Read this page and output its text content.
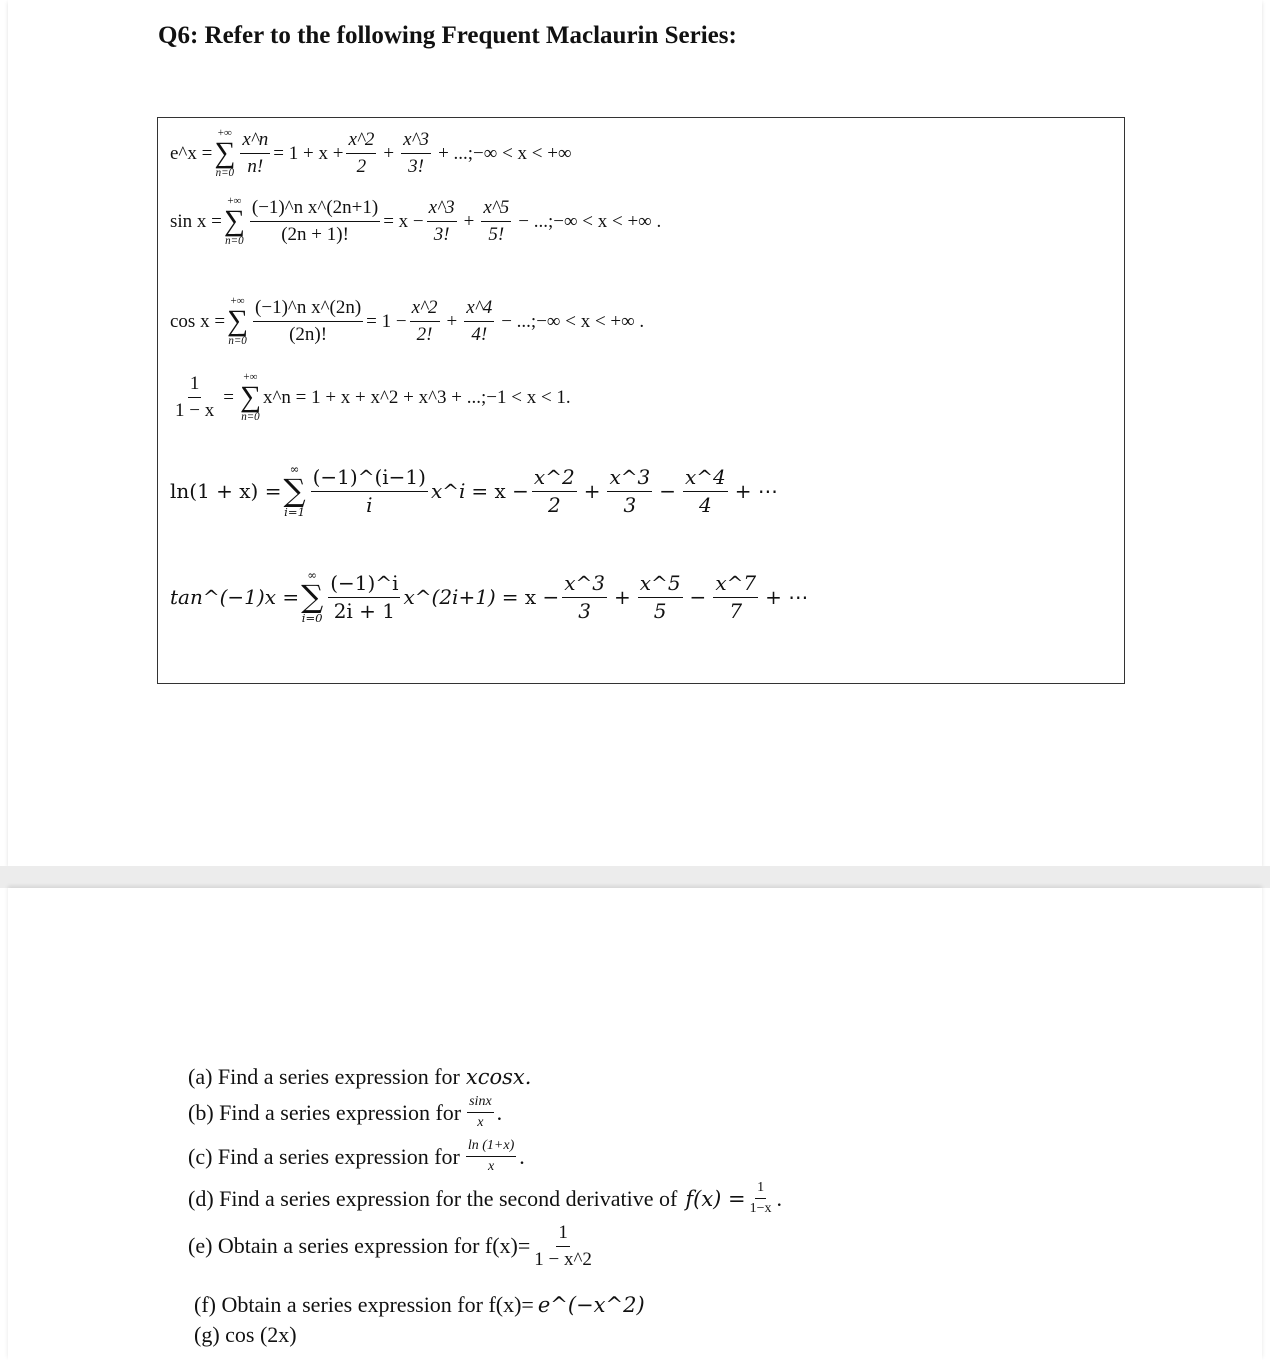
Q6: Refer to the following Frequent Maclaurin Series:
e^x =
+∞
∑
$n=0 \frac{x\^{}n}{n!} = 1 + x + \frac{x\^{}2}{2} + \frac{x\^{}3}{3!}$ + ...;−∞ < x < +∞
sin x =
+∞
∑
$n=0 \frac{\text{(−1)\textasciicircum{}n x\textasciicircum{}(2n+1)}}{(2n + 1)!} = x - \frac{x\^{}3}{3!} + \frac{x\^{}5}{5!}$ − ...;−∞ < x < +∞ .
cos x =
+∞
∑
$n=0 \frac{\text{(−1)\textasciicircum{}n x\textasciicircum{}(2n)}}{(2n)!} = 1 - \frac{x\^{}2}{2!} + \frac{x\^{}4}{4!}$ − ...;−∞ < x < +∞ .
$\frac{1}{1 - x}$ =
+∞
∑
n=0
x^n = 1 + x + x^2 + x^3 + ...;−1 < x < 1.
ln(1 + x) =
∞
∑
$i=1 \frac{(-1)\^{}(i-1)}{i}$ x^i = $x - \frac{x\^{}2}{2} + \frac{x\^{}3}{3} - \frac{x\^{}4}{4}$ + ⋯
tan^(−1)x =
∞
∑
$i=0 \frac{(-1)\^{}i}{2i + 1}$ x^(2i+1) = $x - \frac{x\^{}3}{3} + \frac{x\^{}5}{5} - \frac{x\^{}7}{7}$ + ⋯
(a) Find a series expression for xcosx.
(b) Find a series expression for $\frac{\sin x}{x}$ .
(c) Find a series expression for $\frac{\ln (1+x)}{x}$ .
(d) Find a series expression for the second derivative of $f(x) = \frac{1}{1-x}$ .
(e) Obtain a series expression for $f(x)= \frac{1}{1 - x\^{}2}$
(f) Obtain a series expression for f(x)= e^(−x^2)
(g) cos (2x)
